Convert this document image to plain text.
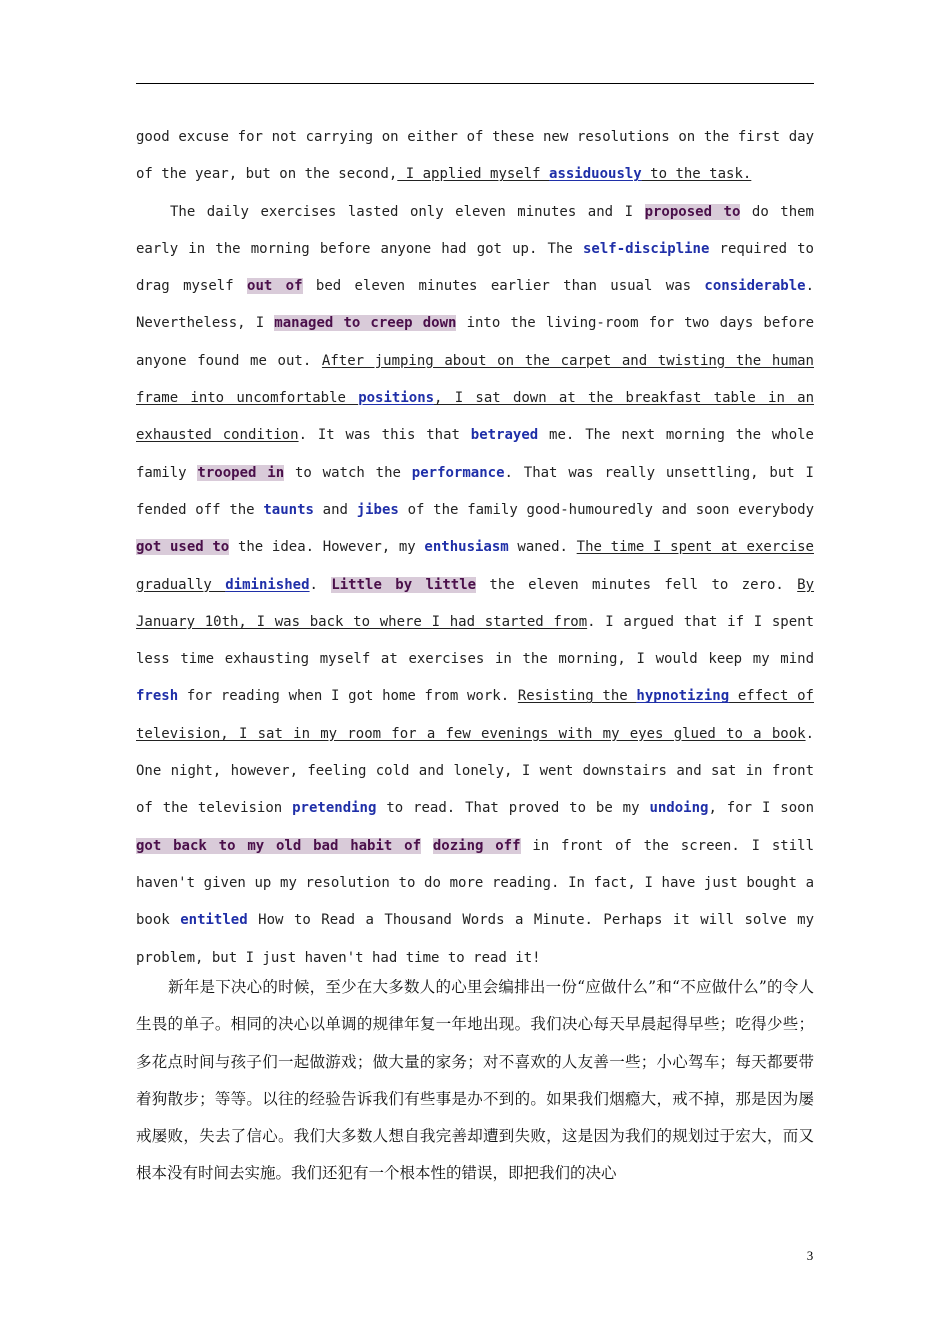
good excuse for not carrying on either of these new resolutions on the first day of the year, but on the second, I applied myself assiduously to the task.

The daily exercises lasted only eleven minutes and I proposed to do them early in the morning before anyone had got up. The self-discipline required to drag myself out of bed eleven minutes earlier than usual was considerable. Nevertheless, I managed to creep down into the living-room for two days before anyone found me out. After jumping about on the carpet and twisting the human frame into uncomfortable positions, I sat down at the breakfast table in an exhausted condition. It was this that betrayed me. The next morning the whole family trooped in to watch the performance. That was really unsettling, but I fended off the taunts and jibes of the family good-humouredly and soon everybody got used to the idea. However, my enthusiasm waned. The time I spent at exercise gradually diminished. Little by little the eleven minutes fell to zero. By January 10th, I was back to where I had started from. I argued that if I spent less time exhausting myself at exercises in the morning, I would keep my mind fresh for reading when I got home from work. Resisting the hypnotizing effect of television, I sat in my room for a few evenings with my eyes glued to a book. One night, however, feeling cold and lonely, I went downstairs and sat in front of the television pretending to read. That proved to be my undoing, for I soon got back to my old bad habit of dozing off in front of the screen. I still haven't given up my resolution to do more reading. In fact, I have just bought a book entitled How to Read a Thousand Words a Minute. Perhaps it will solve my problem, but I just haven't had time to read it!

新年是下决心的时候，至少在大多数人的心里会编排出一份“应做什么”和“不应做什么”的令人生畏的单子。相同的决心以单调的规律年复一年地出现。我们决心每天早晨起得早些；吃得少些；多花点时间与孩子们一起做游戏；做大量的家务；对不喜欢的人友善一些；小心驾车；每天都要带着狗散步；等等。以往的经验告诉我们有些事是办不到的。如果我们烟瘾大，戒不掉，那是因为屡戒屡败，失去了信心。我们大多数人想自我完善却遭到失败，这是因为我们的规划过于宏大，而又根本没有时间去实施。我们还犯有一个根本性的错误，即把我们的决心

3
